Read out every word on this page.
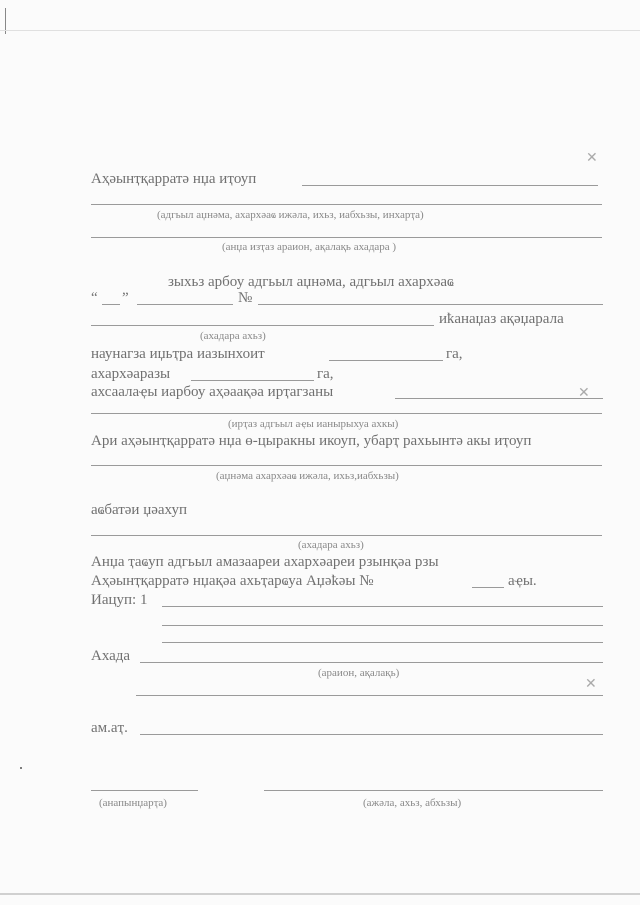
Аҳәынҭқарратә нџа иҭоуп
✕
(адгьыл аџнәма, ахархәаҩ ижәла, ихьз, иабхьзы, инхарҭа)
(анџа изҭаз араион, ақалақь ахадара )
зыхьз арбоу адгьыл аџнәма, адгьыл ахархәаҩ
“ ”	№
иҟанаџаз ақәџарала
(ахадара ахьз)
наунагза иџьҭра иазынхоит	га,
ахархәаразы	га,
ахсаалаҿы иарбоу аҳәаақәа ирҭагзаны	✕
(ирҭаз адгьыл аҿы ианырыхуа ахкы)
Ари аҳәынҭқарратә нџа ө-цыракны икоуп, убарҭ рахьынтә акы иҭоуп
(аџнәма ахархәаҩ ижәла, ихьз,иабхьзы)
аҩбатәи џәахуп
(ахадара ахьз)
Анџа ҭаҩуп адгьыл амазаареи ахархәареи рзынқәа рзы
Аҳәынҭқарратә нџақәа ахьҭарҩуа Аџәҟәы №	аҿы.
Иацуп: 1
Ахада
(араион, ақалақь)
✕
ам.аҭ.
(анапынџарҭа)	(ажәла, ахьз, абхьзы)
